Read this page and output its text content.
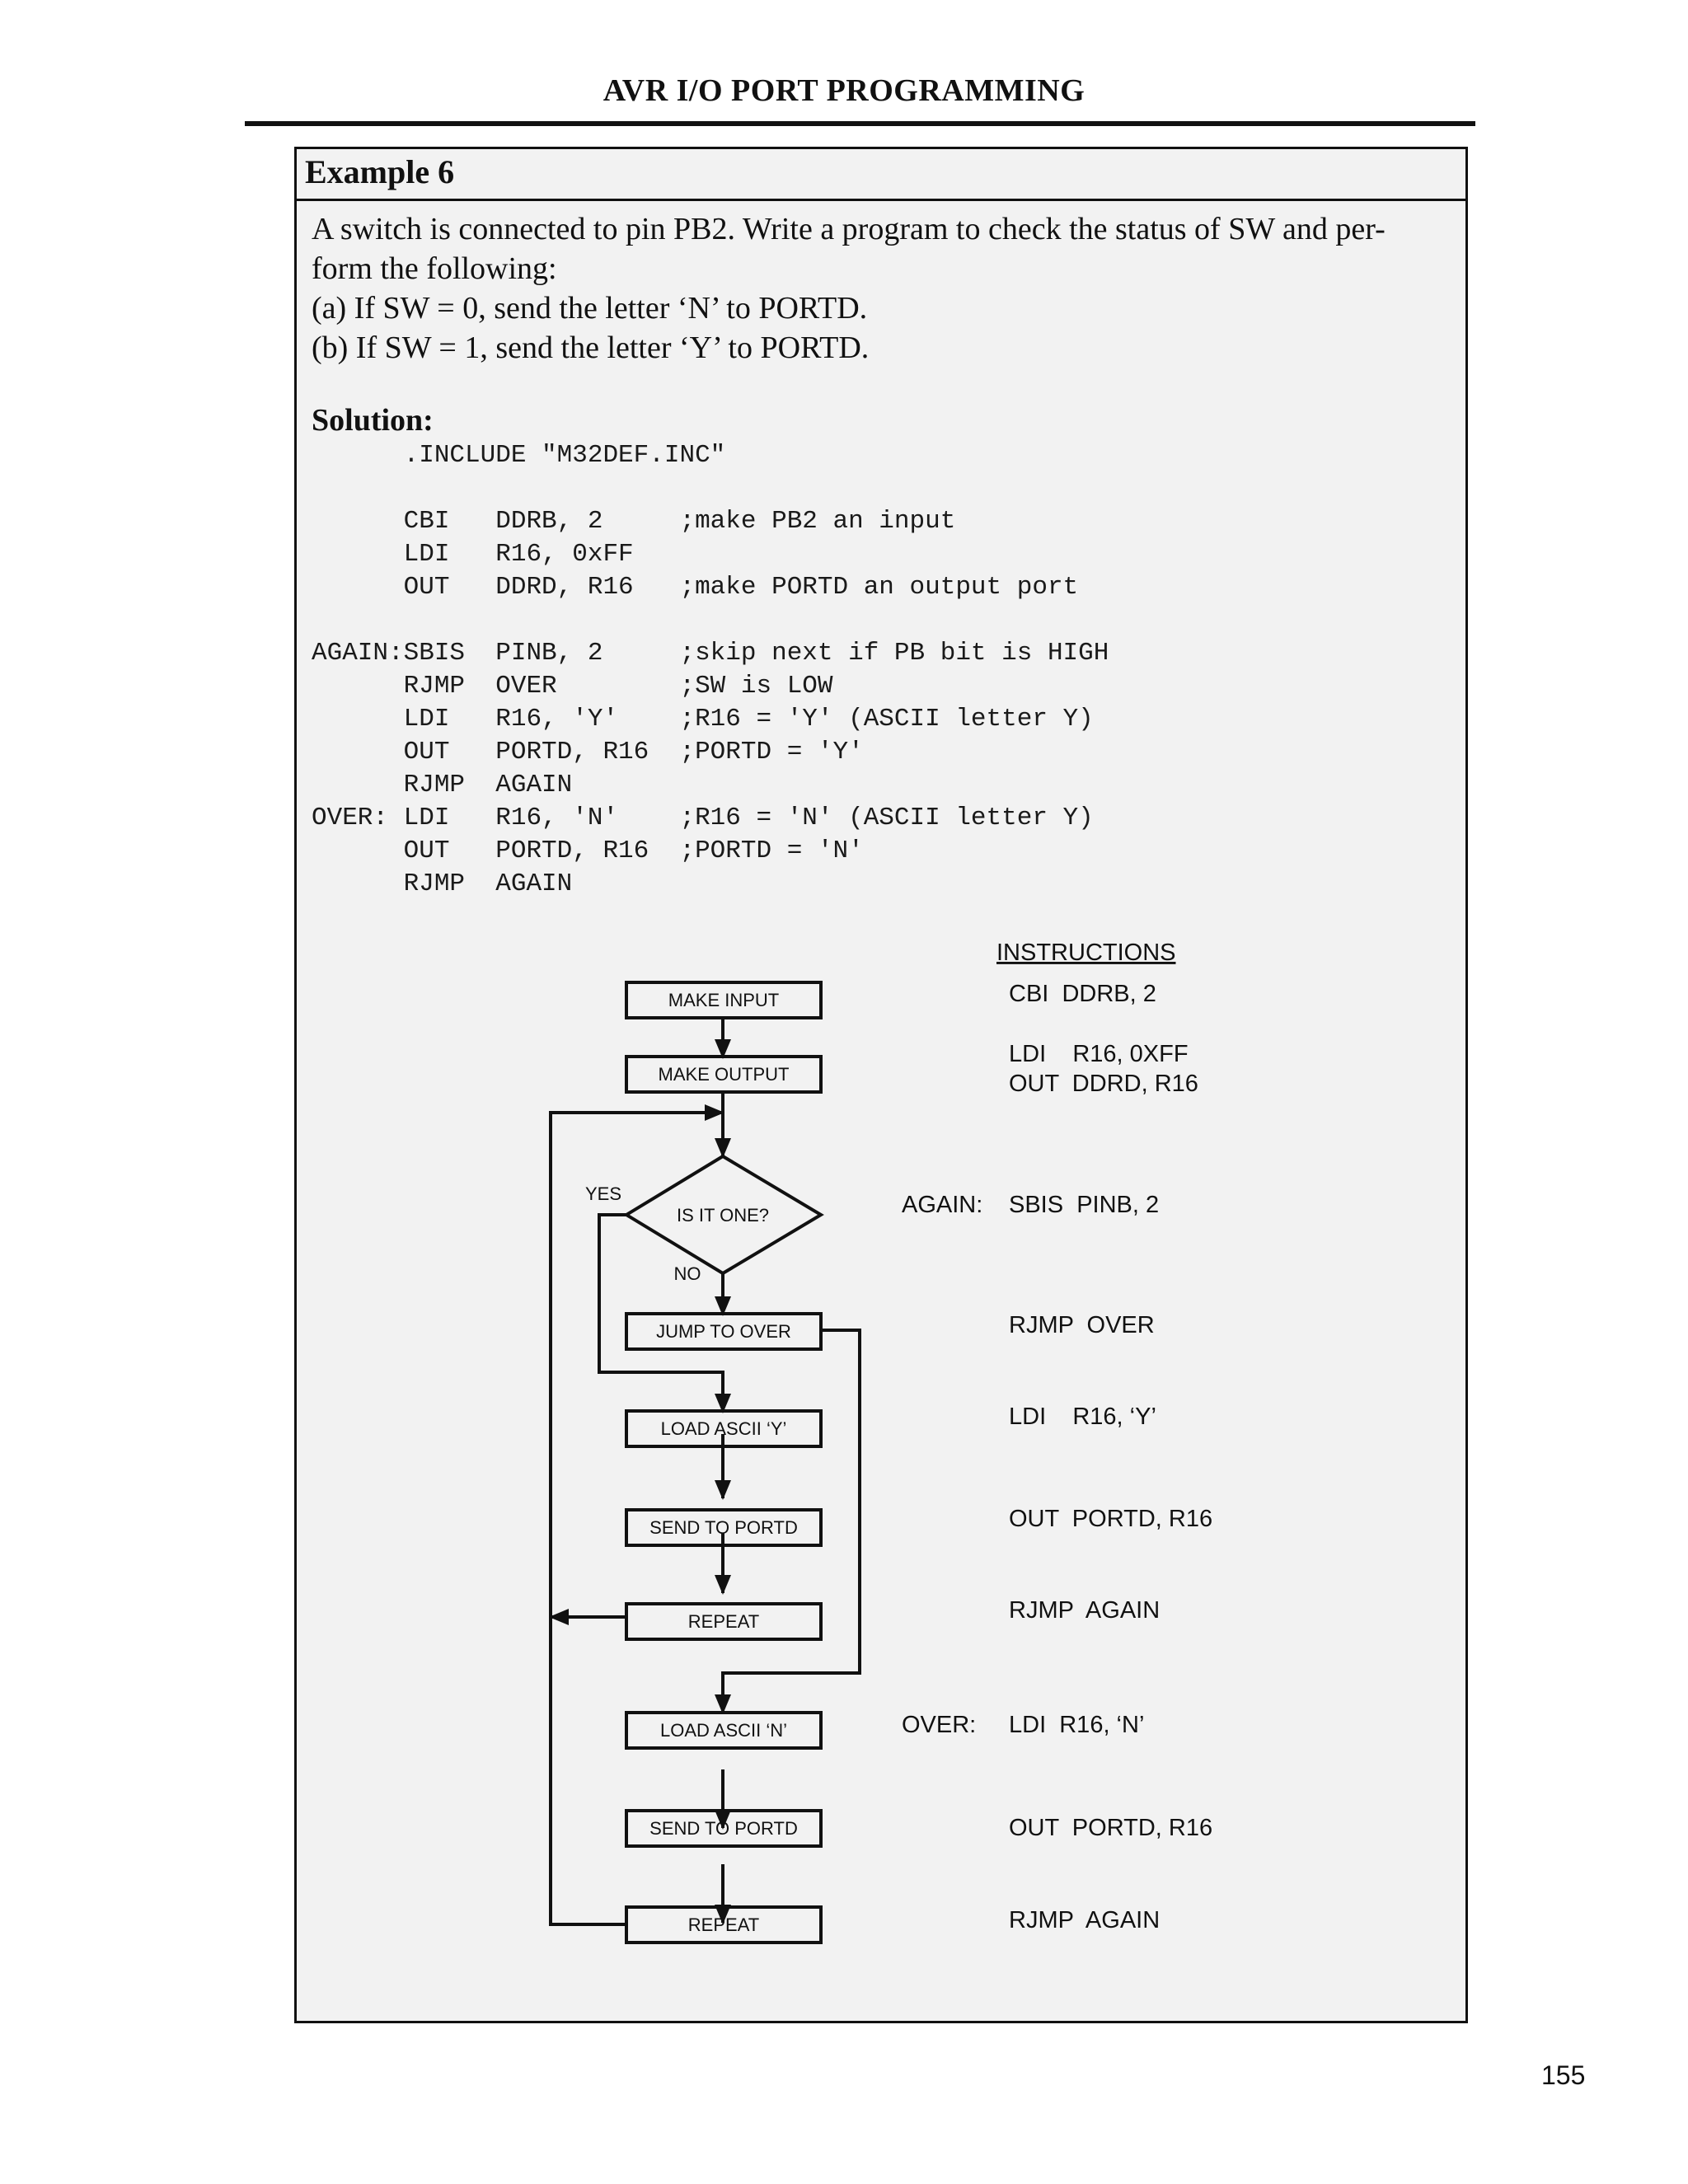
AVR I/O PORT PROGRAMMING
Example 6
A switch is connected to pin PB2. Write a program to check the status of SW and per-
form the following:
(a) If SW = 0, send the letter ‘N’ to PORTD.
(b) If SW = 1, send the letter ‘Y’ to PORTD.
Solution:
.INCLUDE "M32DEF.INC"
CBI   DDRB, 2     ;make PB2 an input
LDI   R16, 0xFF
OUT   DDRD, R16   ;make PORTD an output port
AGAIN:SBIS  PINB, 2     ;skip next if PB bit is HIGH
RJMP  OVER        ;SW is LOW
LDI   R16, 'Y'    ;R16 = 'Y' (ASCII letter Y)
OUT   PORTD, R16  ;PORTD = 'Y'
RJMP  AGAIN
OVER: LDI   R16, 'N'    ;R16 = 'N' (ASCII letter Y)
OUT   PORTD, R16  ;PORTD = 'N'
RJMP  AGAIN
MAKE INPUT
MAKE OUTPUT
IS IT ONE?
JUMP TO OVER
LOAD ASCII ‘Y’
SEND TO PORTD
REPEAT
LOAD ASCII ‘N’
SEND TO PORTD
REPEAT
YES
NO
INSTRUCTIONS
CBI  DDRB, 2
LDI    R16, 0XFF
OUT  DDRD, R16
AGAIN: SBIS  PINB, 2
RJMP  OVER
LDI    R16, ‘Y’
OUT  PORTD, R16
RJMP  AGAIN
OVER: LDI  R16, ‘N’
OUT  PORTD, R16
RJMP  AGAIN
155
